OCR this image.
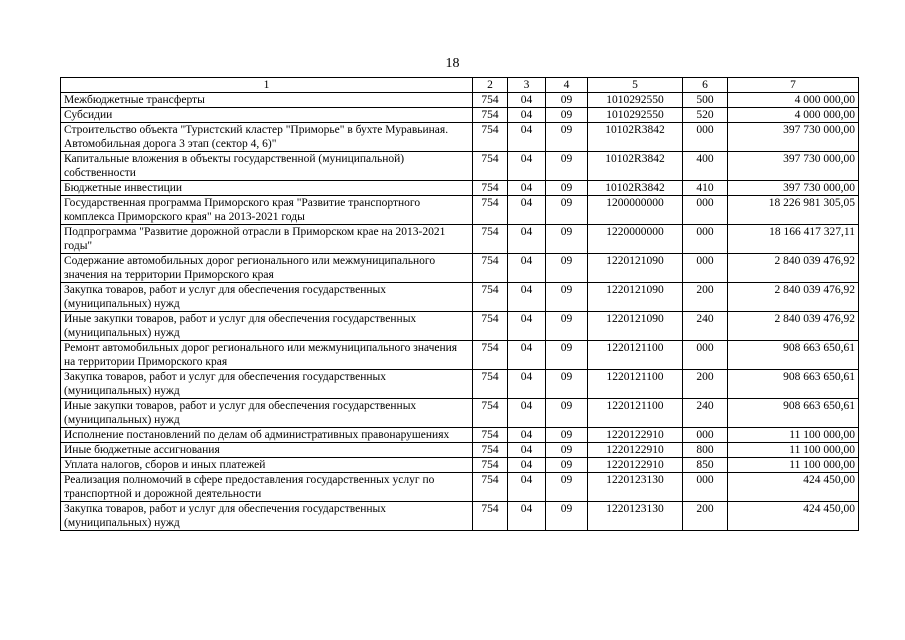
18
1	2	3	4	5	6	7
Межбюджетные трансферты	754	04	09	1010292550	500	4 000 000,00
Субсидии	754	04	09	1010292550	520	4 000 000,00
Строительство объекта "Туристский кластер "Приморье" в бухте Муравьиная. Автомобильная дорога 3 этап (сектор 4, 6)"	754	04	09	10102R3842	000	397 730 000,00
Капитальные вложения в объекты государственной (муниципальной) собственности	754	04	09	10102R3842	400	397 730 000,00
Бюджетные инвестиции	754	04	09	10102R3842	410	397 730 000,00
Государственная программа Приморского края "Развитие транспортного комплекса Приморского края" на 2013-2021 годы	754	04	09	1200000000	000	18 226 981 305,05
Подпрограмма "Развитие дорожной отрасли в Приморском крае на 2013-2021 годы"	754	04	09	1220000000	000	18 166 417 327,11
Содержание автомобильных дорог регионального или межмуниципального значения на территории Приморского края	754	04	09	1220121090	000	2 840 039 476,92
Закупка товаров, работ и услуг для обеспечения государственных (муниципальных) нужд	754	04	09	1220121090	200	2 840 039 476,92
Иные закупки товаров, работ и услуг для обеспечения государственных (муниципальных) нужд	754	04	09	1220121090	240	2 840 039 476,92
Ремонт автомобильных дорог регионального или межмуниципального значения на территории Приморского края	754	04	09	1220121100	000	908 663 650,61
Закупка товаров, работ и услуг для обеспечения государственных (муниципальных) нужд	754	04	09	1220121100	200	908 663 650,61
Иные закупки товаров, работ и услуг для обеспечения государственных (муниципальных) нужд	754	04	09	1220121100	240	908 663 650,61
Исполнение постановлений по делам об административных правонарушениях	754	04	09	1220122910	000	11 100 000,00
Иные бюджетные ассигнования	754	04	09	1220122910	800	11 100 000,00
Уплата налогов, сборов и иных платежей	754	04	09	1220122910	850	11 100 000,00
Реализация полномочий в сфере предоставления государственных услуг по транспортной и дорожной деятельности	754	04	09	1220123130	000	424 450,00
Закупка товаров, работ и услуг для обеспечения государственных (муниципальных) нужд	754	04	09	1220123130	200	424 450,00
